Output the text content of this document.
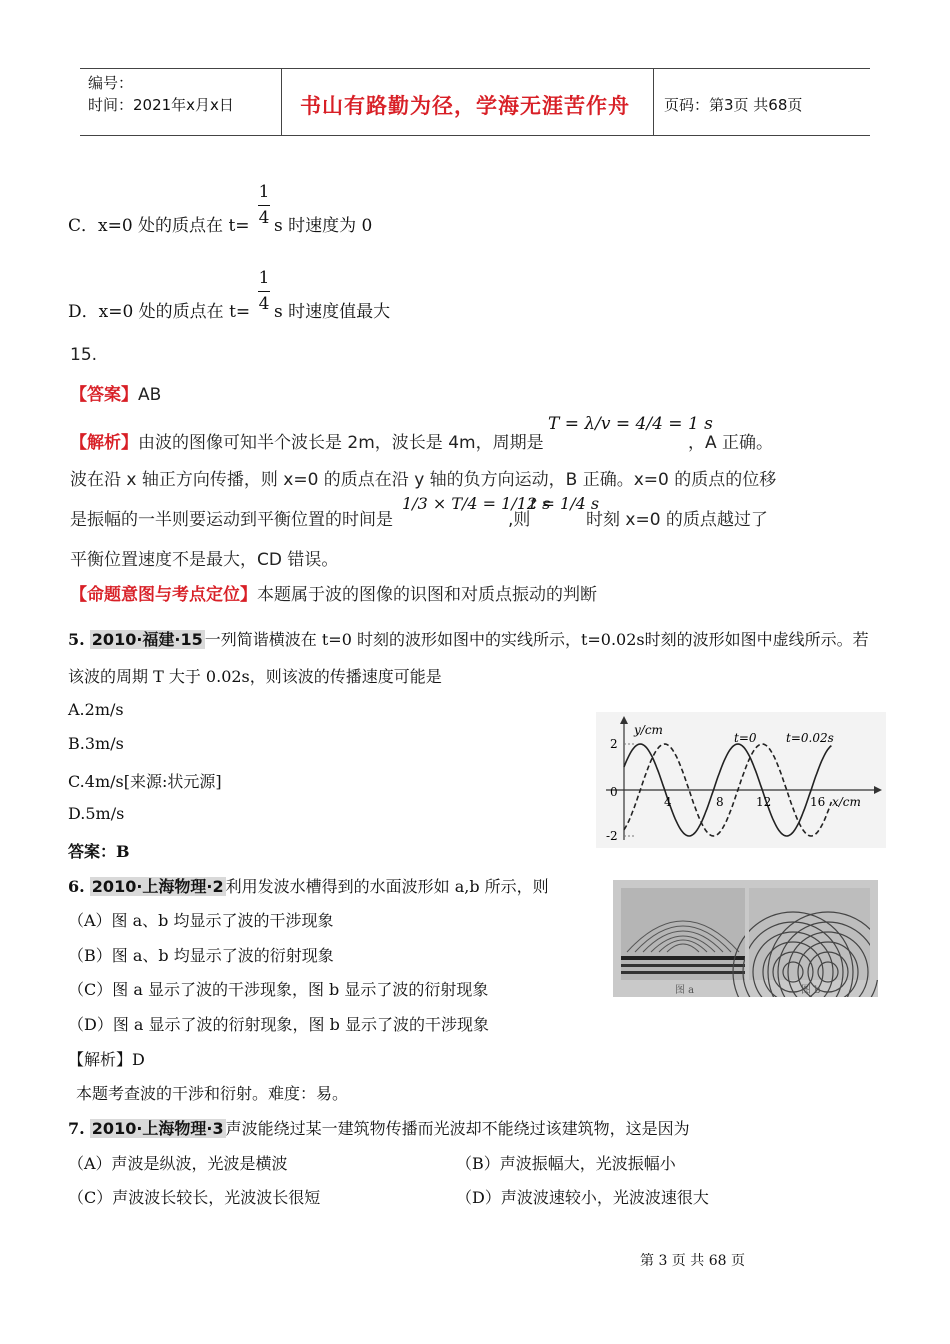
编号：
时间：2021年x月x日	书山有路勤为径，学海无涯苦作舟 页码：第3页 共68页
C．x=0 处的质点在 t=
1
4 s 时速度为 0
D．x=0 处的质点在 t=
1
4 s 时速度值最大
15.
【答案】AB
【解析】由波的图像可知半个波长是 2m，波长是 4m，周期是
T = λ/v = 4/4 = 1 s
，A 正确。
波在沿 x 轴正方向传播，则 x=0 的质点在沿 y 轴的负方向运动，B 正确。x=0 的质点的位移
是振幅的一半则要运动到平衡位置的时间是
1/3 × T/4 = 1/12 s
,则
t = 1/4 s
时刻 x=0 的质点越过了
平衡位置速度不是最大，CD 错误。
【命题意图与考点定位】本题属于波的图像的识图和对质点振动的判断
5. 2010·福建·15 一列简谐横波在 t=0 时刻的波形如图中的实线所示，t=0.02s时刻的波形如图中虚线所示。若
该波的周期 T 大于 0.02s，则该波的传播速度可能是
A.2m/s
B.3m/s
C.4m/s[来源:状元源]
D.5m/s
答案：B
y/cm
x/cm
t=0 t=0.02s
2
0
-2
4	8	12	16
6. 2010·上海物理·2 利用发波水槽得到的水面波形如 a,b 所示，则
（A）图 a、b 均显示了波的干涉现象
（B）图 a、b 均显示了波的衍射现象
（C）图 a 显示了波的干涉现象，图 b 显示了波的衍射现象
（D）图 a 显示了波的衍射现象，图 b 显示了波的干涉现象
【解析】D
本题考查波的干涉和衍射。难度：易。
图 a	图 b
7. 2010·上海物理·3 声波能绕过某一建筑物传播而光波却不能绕过该建筑物，这是因为
（A）声波是纵波，光波是横波	（B）声波振幅大，光波振幅小
（C）声波波长较长，光波波长很短	（D）声波波速较小，光波波速很大
第 3 页 共 68 页
